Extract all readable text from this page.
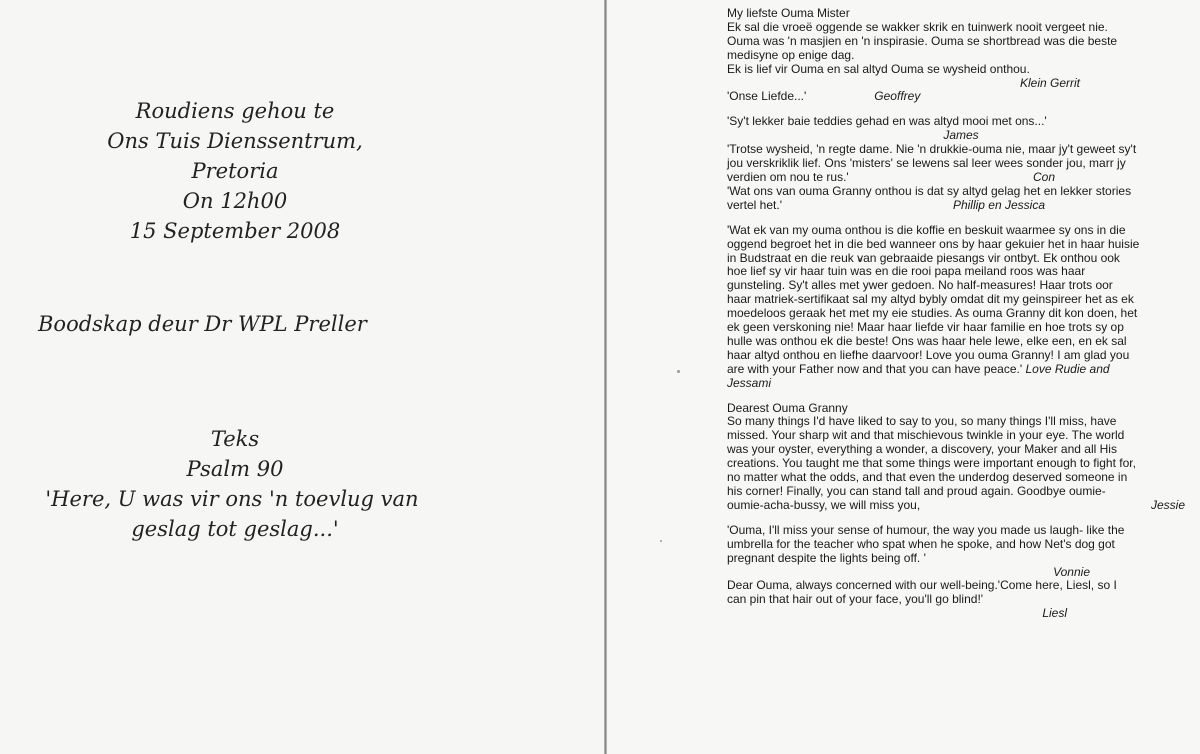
Roudiens gehou te
Ons Tuis Dienssentrum,
Pretoria
On 12h00
15 September 2008
Boodskap deur Dr WPL Preller
Teks
Psalm 90
'Here, U was vir ons 'n toevlug van
geslag tot geslag...'

My liefste Ouma Mister

Ek sal die vroeë oggende se wakker skrik en tuinwerk nooit vergeet nie.

Ouma was 'n masjien en 'n inspirasie. Ouma se shortbread was die beste

medisyne op enige dag.

Ek is lief vir Ouma en sal altyd Ouma se wysheid onthou.

Klein Gerrit

'Onse Liefde...'	Geoffrey

'Sy't lekker baie teddies gehad en was altyd mooi met ons...'

James

'Trotse wysheid, 'n regte dame. Nie 'n drukkie-ouma nie, maar jy't geweet sy't

jou verskriklik lief. Ons 'misters' se lewens sal leer wees sonder jou, marr jy

verdien om nou te rus.'	Con

'Wat ons van ouma Granny onthou is dat sy altyd gelag het en lekker stories

vertel het.'	Phillip en Jessica

'Wat ek van my ouma onthou is die koffie en beskuit waarmee sy ons in die

oggend begroet het in die bed wanneer ons by haar gekuier het in haar huisie

in Budstraat en die reuk van gebraaide piesangs vir ontbyt. Ek onthou ook

hoe lief sy vir haar tuin was en die rooi papa meiland roos was haar

gunsteling. Sy't alles met ywer gedoen. No half-measures! Haar trots oor

haar matriek-sertifikaat sal my altyd bybly omdat dit my geinspireer het as ek

moedeloos geraak het met my eie studies. As ouma Granny dit kon doen, het

ek geen verskoning nie! Maar haar liefde vir haar familie en hoe trots sy op

hulle was onthou ek die beste! Ons was haar hele lewe, elke een, en ek sal

haar altyd onthou en liefhe daarvoor! Love you ouma Granny! I am glad you

are with your Father now and that you can have peace.' Love Rudie and

Jessami

Dearest Ouma Granny

So many things I'd have liked to say to you, so many things I'll miss, have

missed. Your sharp wit and that mischievous twinkle in your eye. The world

was your oyster, everything a wonder, a discovery, your Maker and all His

creations. You taught me that some things were important enough to fight for,

no matter what the odds, and that even the underdog deserved someone in

his corner! Finally, you can stand tall and proud again. Goodbye oumie-

oumie-acha-bussy, we will miss you,	Jessie

'Ouma, I'll miss your sense of humour, the way you made us laugh- like the

umbrella for the teacher who spat when he spoke, and how Net's dog got

pregnant despite the lights being off. '

Vonnie

Dear Ouma, always concerned with our well-being.'Come here, Liesl, so I

can pin that hair out of your face, you'll go blind!'

Liesl
